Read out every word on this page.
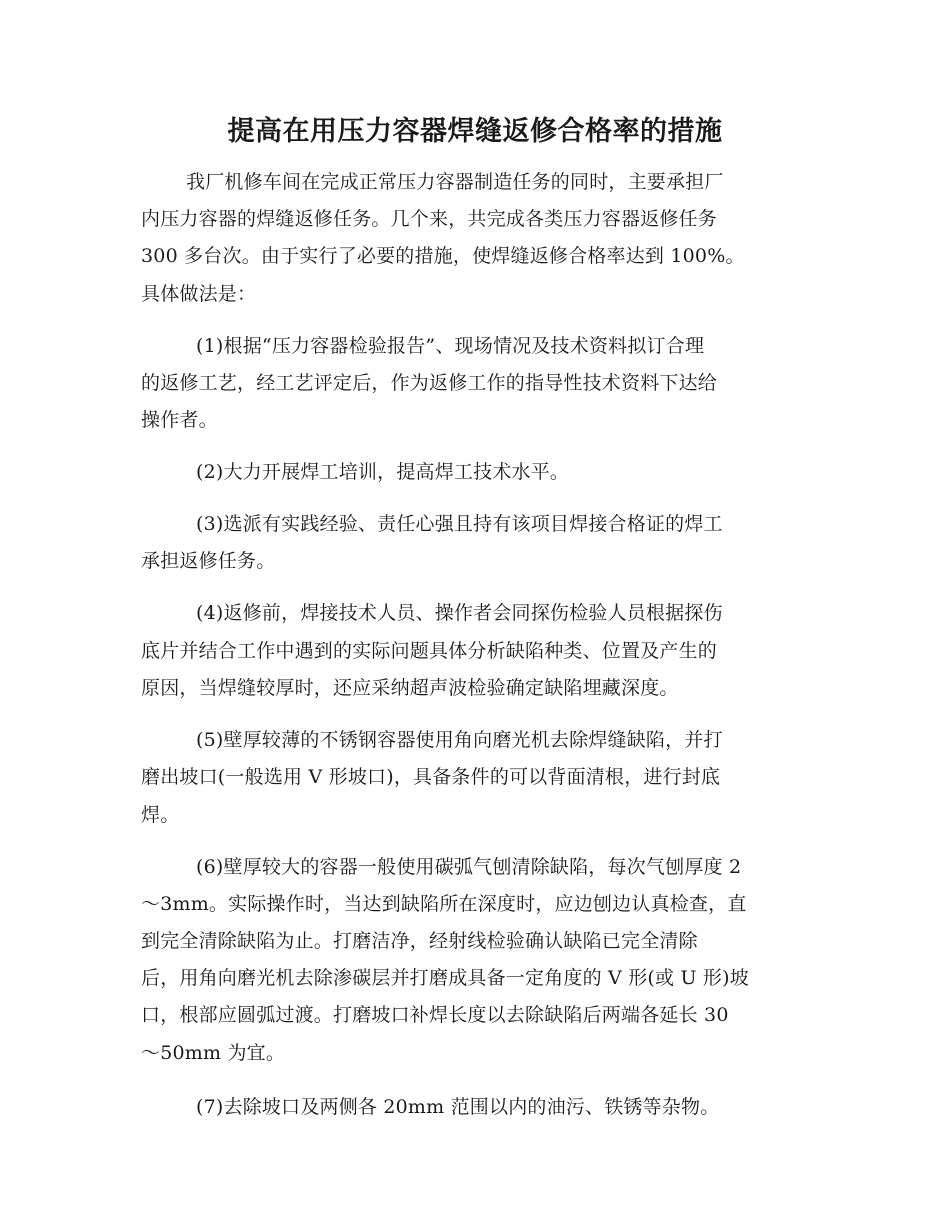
提高在用压力容器焊缝返修合格率的措施
我厂机修车间在完成正常压力容器制造任务的同时，主要承担厂
内压力容器的焊缝返修任务。几个来，共完成各类压力容器返修任务
300 多台次。由于实行了必要的措施，使焊缝返修合格率达到 100%。
具体做法是：
(1)根据“压力容器检验报告”、现场情况及技术资料拟订合理
的返修工艺，经工艺评定后，作为返修工作的指导性技术资料下达给
操作者。
(2)大力开展焊工培训，提高焊工技术水平。
(3)选派有实践经验、责任心强且持有该项目焊接合格证的焊工
承担返修任务。
(4)返修前，焊接技术人员、操作者会同探伤检验人员根据探伤
底片并结合工作中遇到的实际问题具体分析缺陷种类、位置及产生的
原因，当焊缝较厚时，还应采纳超声波检验确定缺陷埋藏深度。
(5)壁厚较薄的不锈钢容器使用角向磨光机去除焊缝缺陷，并打
磨出坡口(一般选用 V 形坡口)，具备条件的可以背面清根，进行封底
焊。
(6)壁厚较大的容器一般使用碳弧气刨清除缺陷，每次气刨厚度 2
～3mm。实际操作时，当达到缺陷所在深度时，应边刨边认真检查，直
到完全清除缺陷为止。打磨洁净，经射线检验确认缺陷已完全清除
后，用角向磨光机去除渗碳层并打磨成具备一定角度的 V 形(或 U 形)坡
口，根部应圆弧过渡。打磨坡口补焊长度以去除缺陷后两端各延长 30
～50mm 为宜。
(7)去除坡口及两侧各 20mm 范围以内的油污、铁锈等杂物。
